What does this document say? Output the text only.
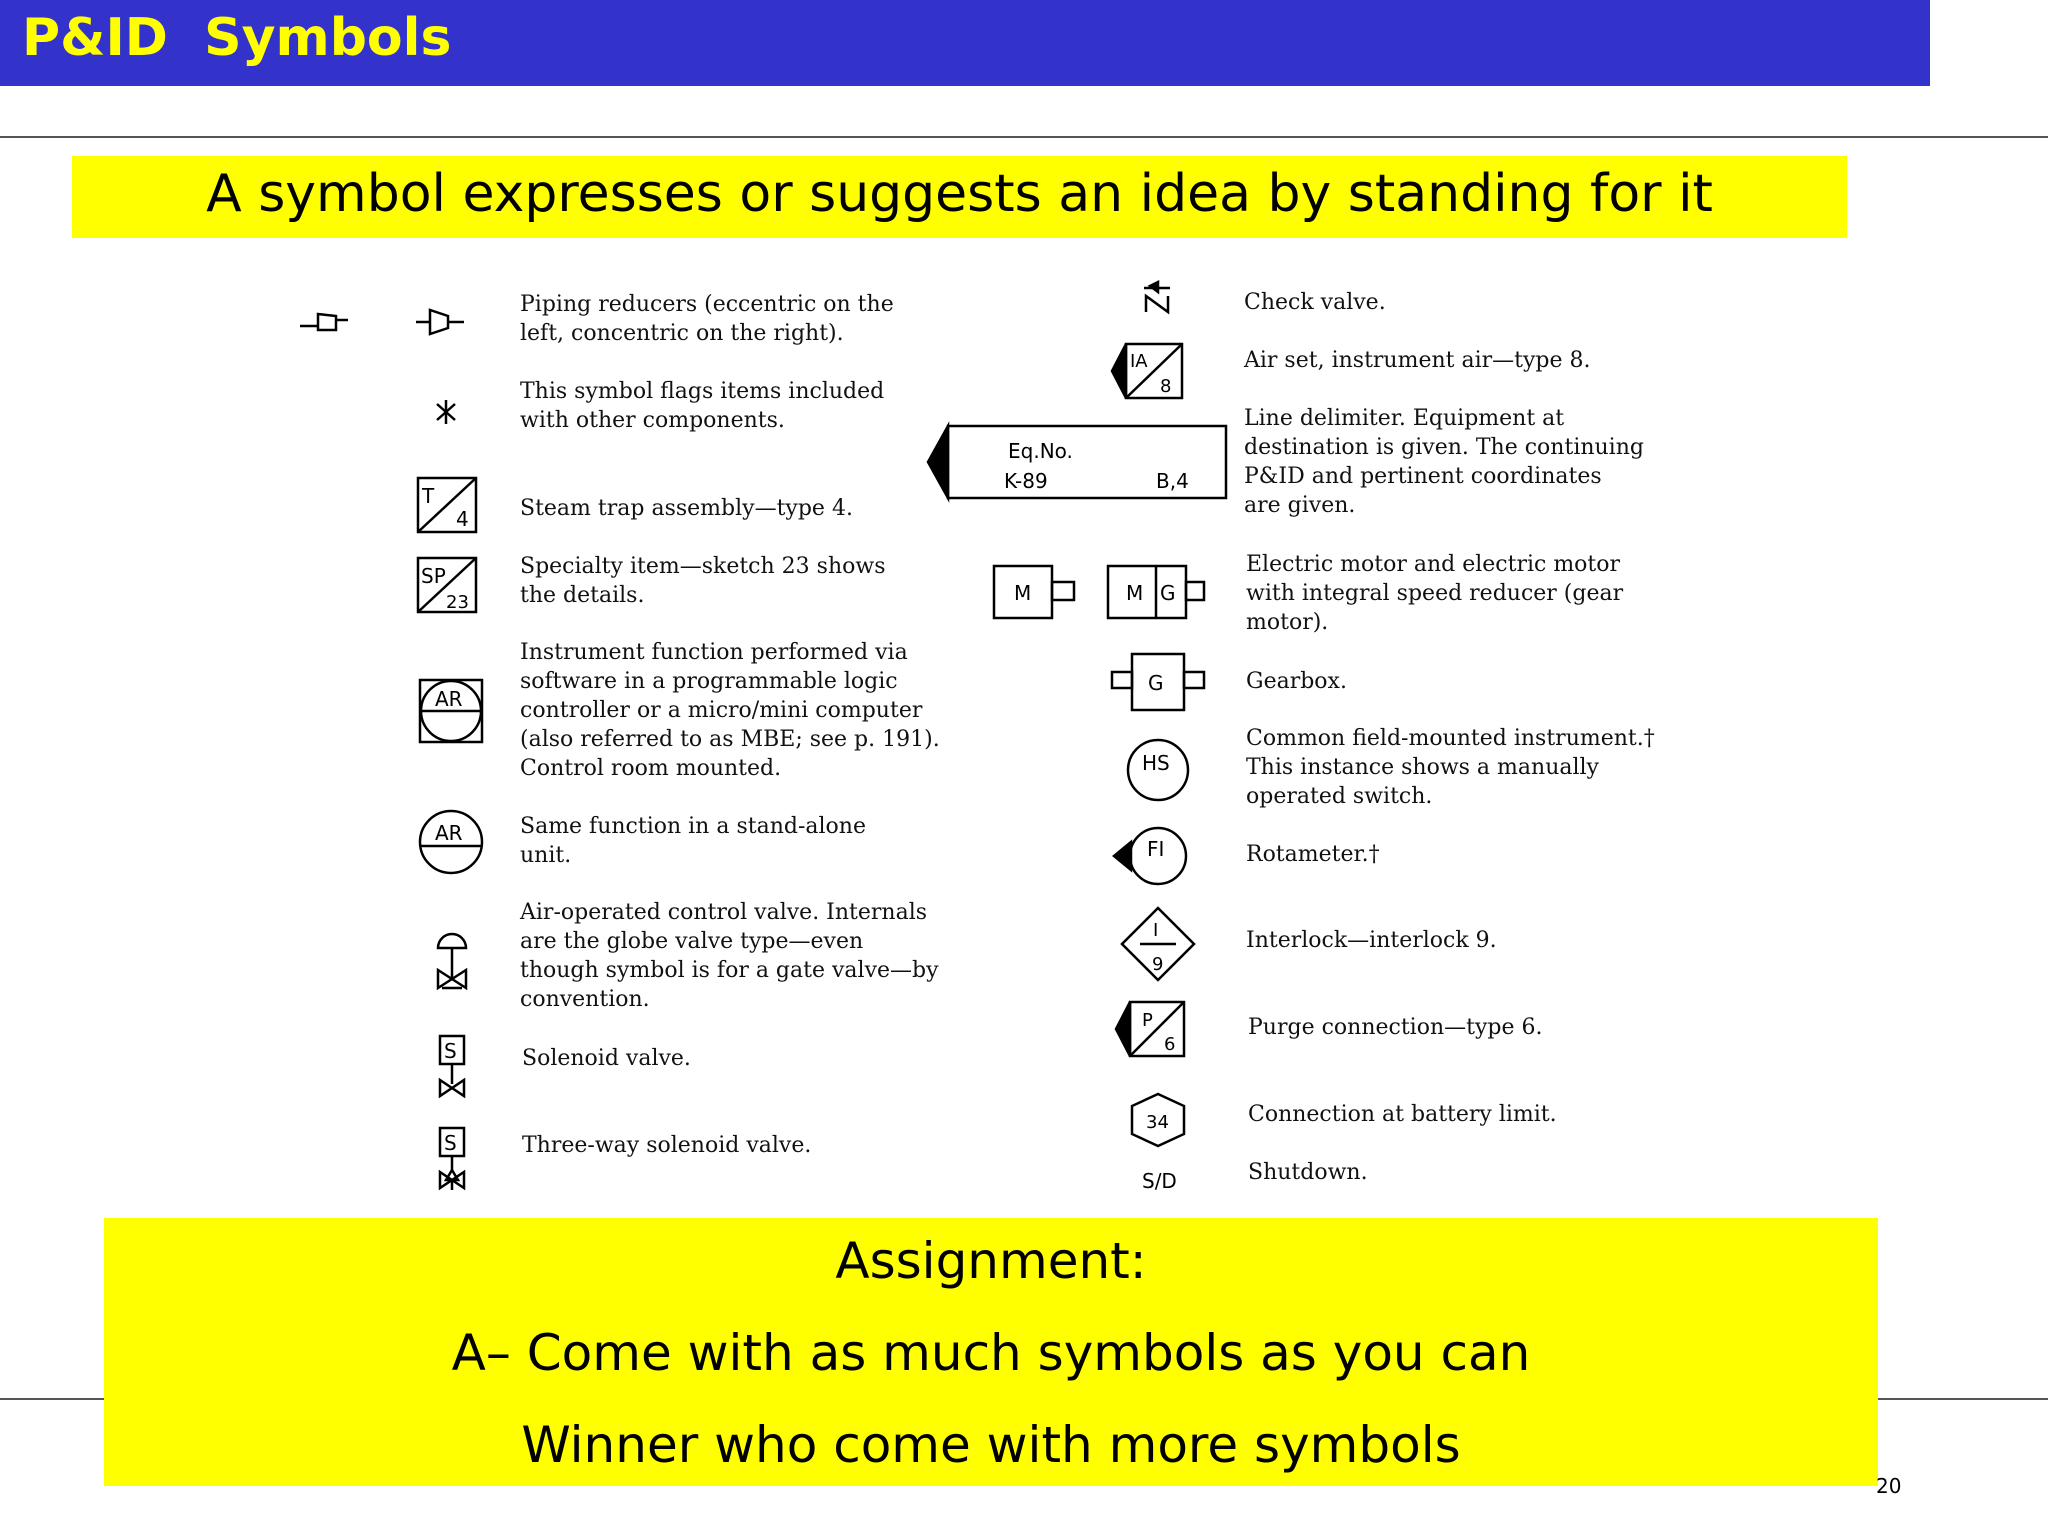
P&ID  Symbols
A symbol expresses or suggests an idea by standing for it
T
4
SP
23
AR
AR
S
S
IA
8
Eq.No.
K-89	B,4
M	M G
G
HS
FI
I
9
P
6
34
S/D

Piping reducers (eccentric on the left, concentric on the right).

This symbol flags items included with other components.

Steam trap assembly—type 4.

Specialty item—sketch 23 shows the details.

Instrument function performed via software in a programmable logic controller or a micro/mini computer (also referred to as MBE; see p. 191). Control room mounted.

Same function in a stand-alone unit.

Air-operated control valve. Internals are the globe valve type—even though symbol is for a gate valve—by convention.

Solenoid valve.

Three-way solenoid valve.

Check valve.

Air set, instrument air—type 8.

Line delimiter. Equipment at destination is given. The continuing P&ID and pertinent coordinates are given.

Electric motor and electric motor with integral speed reducer (gear motor).

Gearbox.

Common field-mounted instrument.† This instance shows a manually operated switch.

Rotameter.†

Interlock—interlock 9.

Purge connection—type 6.

Connection at battery limit.

Shutdown.

Assignment:
A– Come with as much symbols as you can
Winner who come with more symbols
20
